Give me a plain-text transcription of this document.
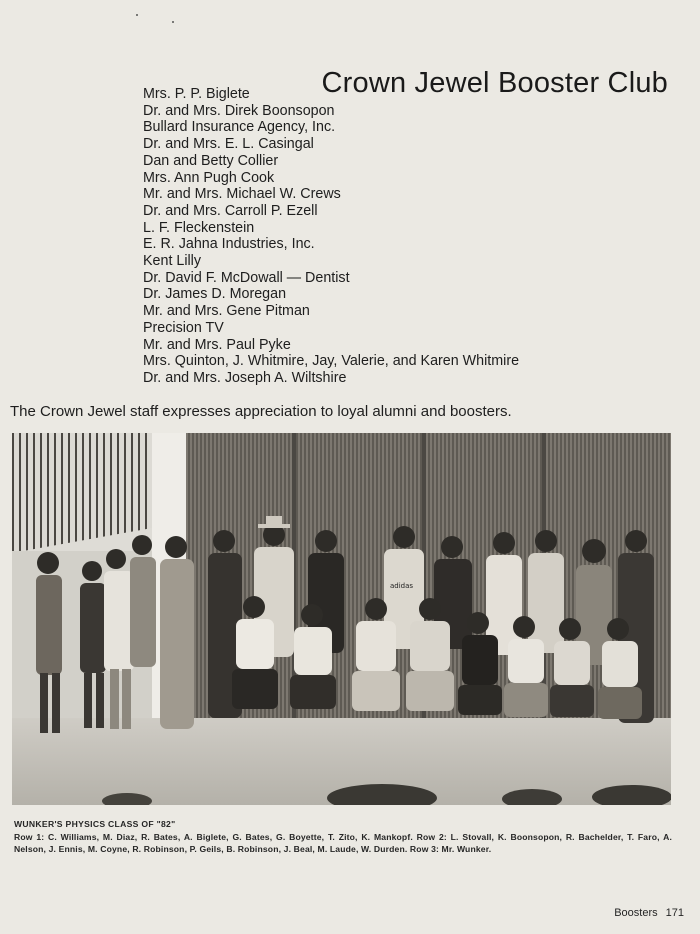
Crown Jewel Booster Club
Mrs. P. P. Biglete
Dr. and Mrs. Direk Boonsopon
Bullard Insurance Agency, Inc.
Dr. and Mrs. E. L. Casingal
Dan and Betty Collier
Mrs. Ann Pugh Cook
Mr. and Mrs. Michael W. Crews
Dr. and Mrs. Carroll P. Ezell
L. F. Fleckenstein
E. R. Jahna Industries, Inc.
Kent Lilly
Dr. David F. McDowall — Dentist
Dr. James D. Moregan
Mr. and Mrs. Gene Pitman
Precision TV
Mr. and Mrs. Paul Pyke
Mrs. Quinton, J. Whitmire, Jay, Valerie, and Karen Whitmire
Dr. and Mrs. Joseph A. Wiltshire
The Crown Jewel staff expresses appreciation to loyal alumni and boosters.
adidas
WUNKER'S PHYSICS CLASS OF "82"
Row 1: C. Williams, M. Diaz, R. Bates, A. Biglete, G. Bates, G. Boyette, T. Zito, K. Mankopf. Row 2: L. Stovall, K. Boonsopon, R. Bachelder, T. Faro, A. Nelson, J. Ennis, M. Coyne, R. Robinson, P. Geils, B. Robinson, J. Beal, M. Laude, W. Durden. Row 3: Mr. Wunker.
Boosters 171
